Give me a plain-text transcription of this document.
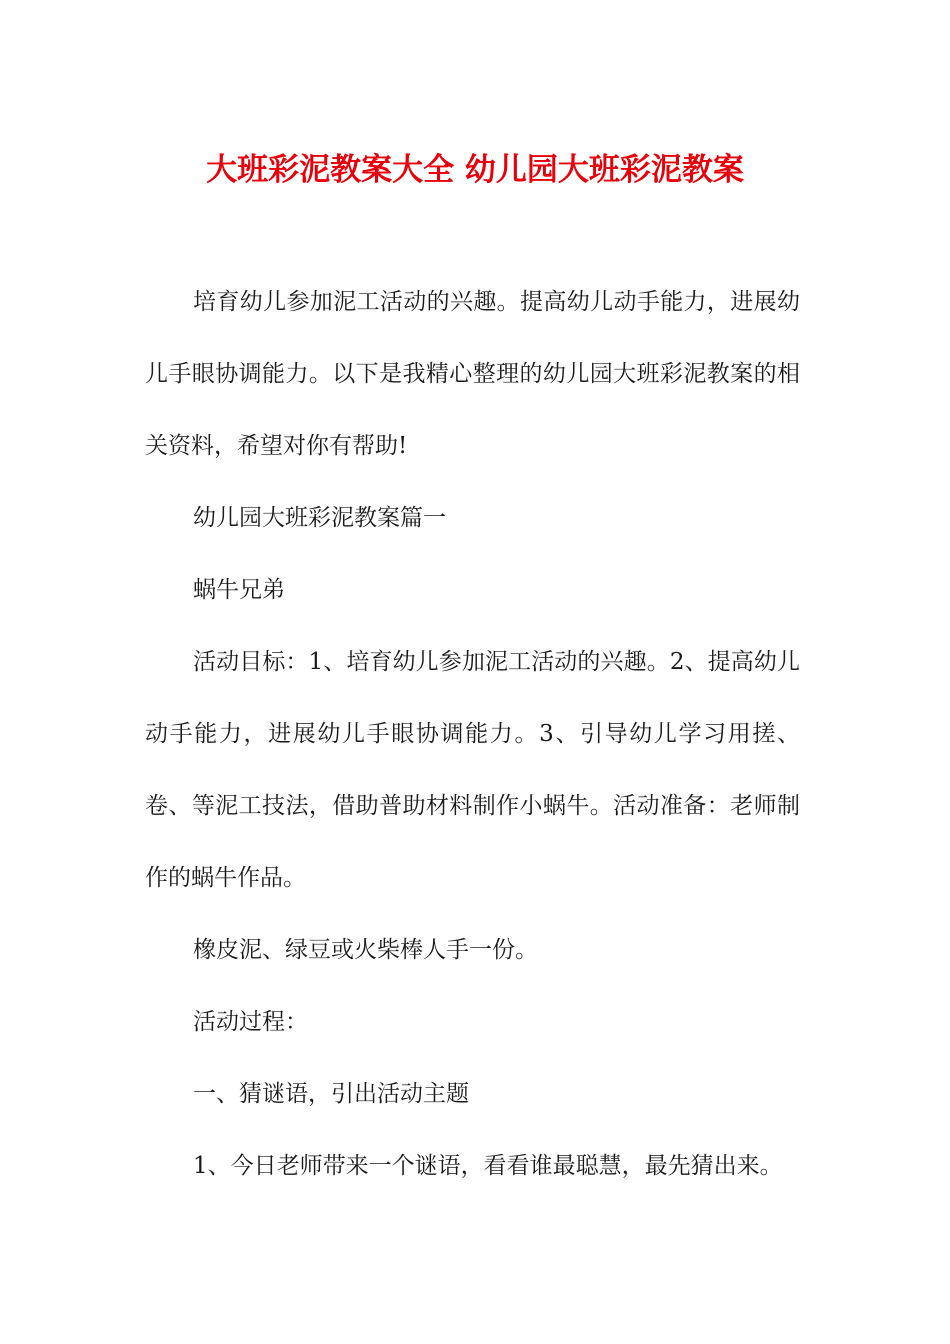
大班彩泥教案大全 幼儿园大班彩泥教案

培育幼儿参加泥工活动的兴趣。提高幼儿动手能力，进展幼儿手眼协调能力。以下是我精心整理的幼儿园大班彩泥教案的相关资料，希望对你有帮助!

幼儿园大班彩泥教案篇一

蜗牛兄弟

活动目标：1、培育幼儿参加泥工活动的兴趣。2、提高幼儿动手能力，进展幼儿手眼协调能力。3、引导幼儿学习用搓、卷、等泥工技法，借助普助材料制作小蜗牛。活动准备：老师制作的蜗牛作品。

橡皮泥、绿豆或火柴棒人手一份。

活动过程：

一、猜谜语，引出活动主题

1、今日老师带来一个谜语，看看谁最聪慧，最先猜出来。
